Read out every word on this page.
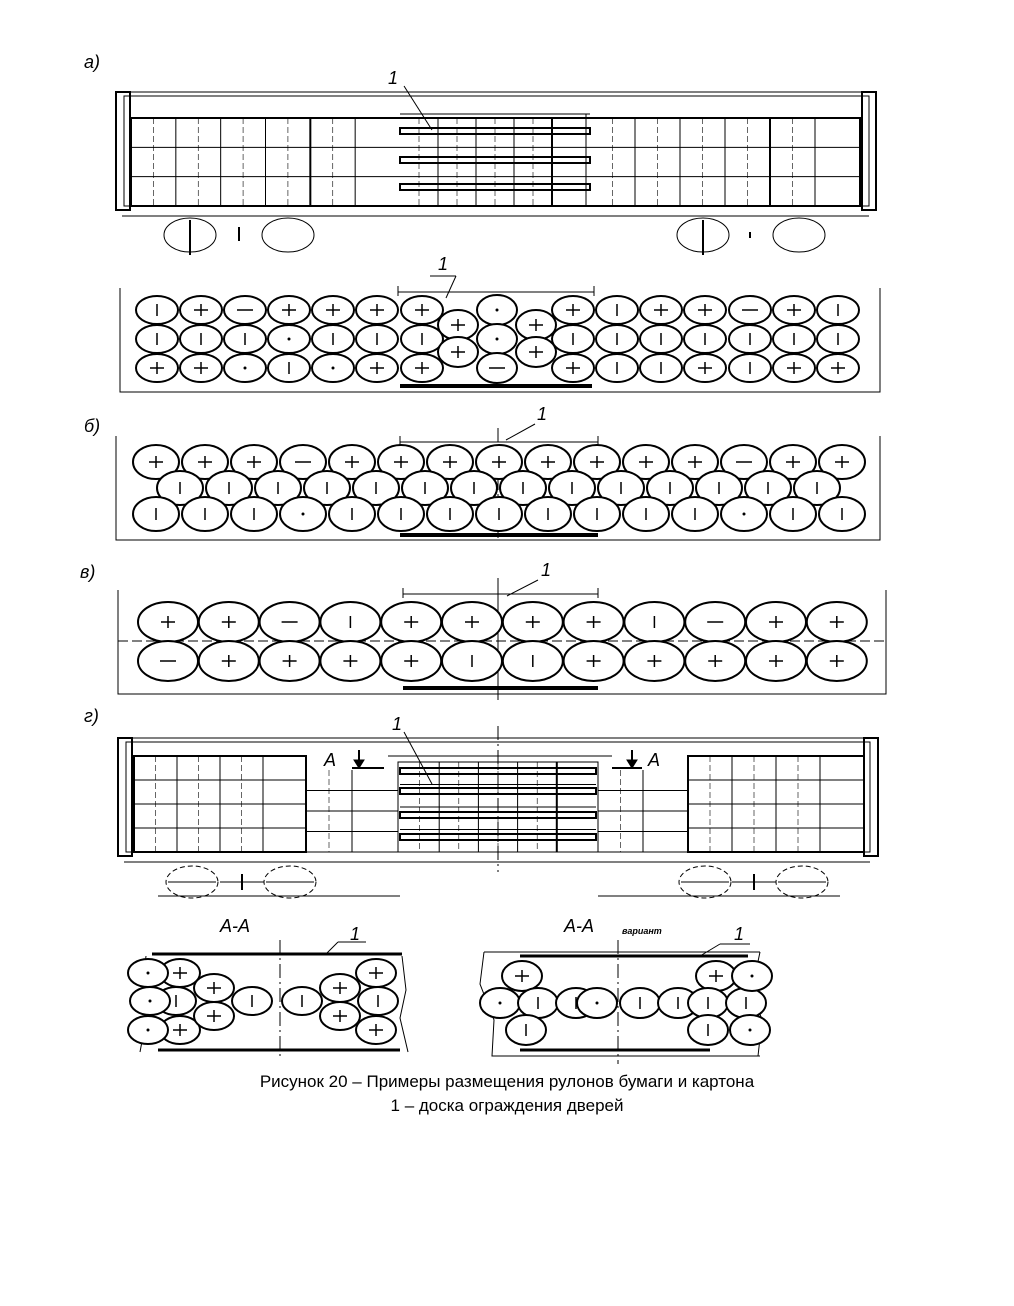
а)
1
1
б)
1
в)	1
г)	1
А	А
А-А	1	А-А	вариант	1
Рисунок 20 – Примеры размещения рулонов бумаги и картона
1 – доска ограждения дверей
